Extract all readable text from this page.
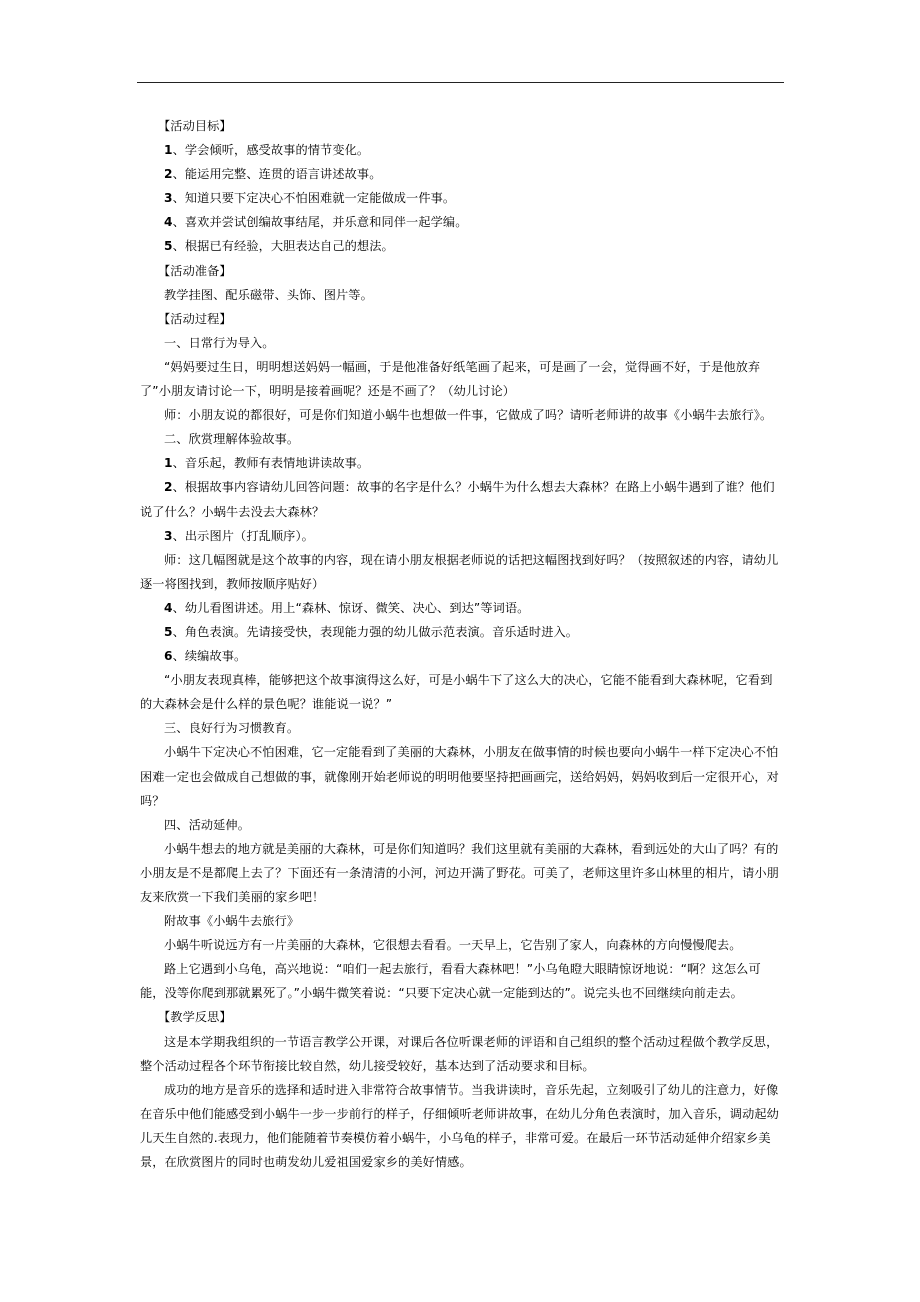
【活动目标】

1、学会倾听，感受故事的情节变化。

2、能运用完整、连贯的语言讲述故事。

3、知道只要下定决心不怕困难就一定能做成一件事。

4、喜欢并尝试创编故事结尾，并乐意和同伴一起学编。

5、根据已有经验，大胆表达自己的想法。

【活动准备】

教学挂图、配乐磁带、头饰、图片等。

【活动过程】

一、日常行为导入。

“妈妈要过生日，明明想送妈妈一幅画，于是他准备好纸笔画了起来，可是画了一会，觉得画不好，于是他放弃了”小朋友请讨论一下，明明是接着画呢？还是不画了？（幼儿讨论）

师：小朋友说的都很好，可是你们知道小蜗牛也想做一件事，它做成了吗？请听老师讲的故事《小蜗牛去旅行》。

二、欣赏理解体验故事。

1、音乐起，教师有表情地讲读故事。

2、根据故事内容请幼儿回答问题：故事的名字是什么？小蜗牛为什么想去大森林？在路上小蜗牛遇到了谁？他们说了什么？小蜗牛去没去大森林？

3、出示图片（打乱顺序）。

师：这几幅图就是这个故事的内容，现在请小朋友根据老师说的话把这幅图找到好吗？（按照叙述的内容，请幼儿逐一将图找到，教师按顺序贴好）

4、幼儿看图讲述。用上“森林、惊讶、微笑、决心、到达”等词语。

5、角色表演。先请接受快，表现能力强的幼儿做示范表演。音乐适时进入。

6、续编故事。

“小朋友表现真棒，能够把这个故事演得这么好，可是小蜗牛下了这么大的决心，它能不能看到大森林呢，它看到的大森林会是什么样的景色呢？谁能说一说？”

三、良好行为习惯教育。

小蜗牛下定决心不怕困难，它一定能看到了美丽的大森林，小朋友在做事情的时候也要向小蜗牛一样下定决心不怕困难一定也会做成自己想做的事，就像刚开始老师说的明明他要坚持把画画完，送给妈妈，妈妈收到后一定很开心，对吗？

四、活动延伸。

小蜗牛想去的地方就是美丽的大森林，可是你们知道吗？我们这里就有美丽的大森林，看到远处的大山了吗？有的小朋友是不是都爬上去了？下面还有一条清清的小河，河边开满了野花。可美了，老师这里许多山林里的相片，请小朋友来欣赏一下我们美丽的家乡吧！

附故事《小蜗牛去旅行》

小蜗牛听说远方有一片美丽的大森林，它很想去看看。一天早上，它告别了家人，向森林的方向慢慢爬去。

路上它遇到小乌龟，高兴地说：“咱们一起去旅行，看看大森林吧！”小乌龟瞪大眼睛惊讶地说：“啊？这怎么可能，没等你爬到那就累死了。”小蜗牛微笑着说：“只要下定决心就一定能到达的”。说完头也不回继续向前走去。

【教学反思】

这是本学期我组织的一节语言教学公开课，对课后各位听课老师的评语和自己组织的整个活动过程做个教学反思，整个活动过程各个环节衔接比较自然，幼儿接受较好，基本达到了活动要求和目标。

成功的地方是音乐的选择和适时进入非常符合故事情节。当我讲读时，音乐先起，立刻吸引了幼儿的注意力，好像在音乐中他们能感受到小蜗牛一步一步前行的样子，仔细倾听老师讲故事，在幼儿分角色表演时，加入音乐，调动起幼儿天生自然的.表现力，他们能随着节奏模仿着小蜗牛，小乌龟的样子，非常可爱。在最后一环节活动延伸介绍家乡美景，在欣赏图片的同时也萌发幼儿爱祖国爱家乡的美好情感。
